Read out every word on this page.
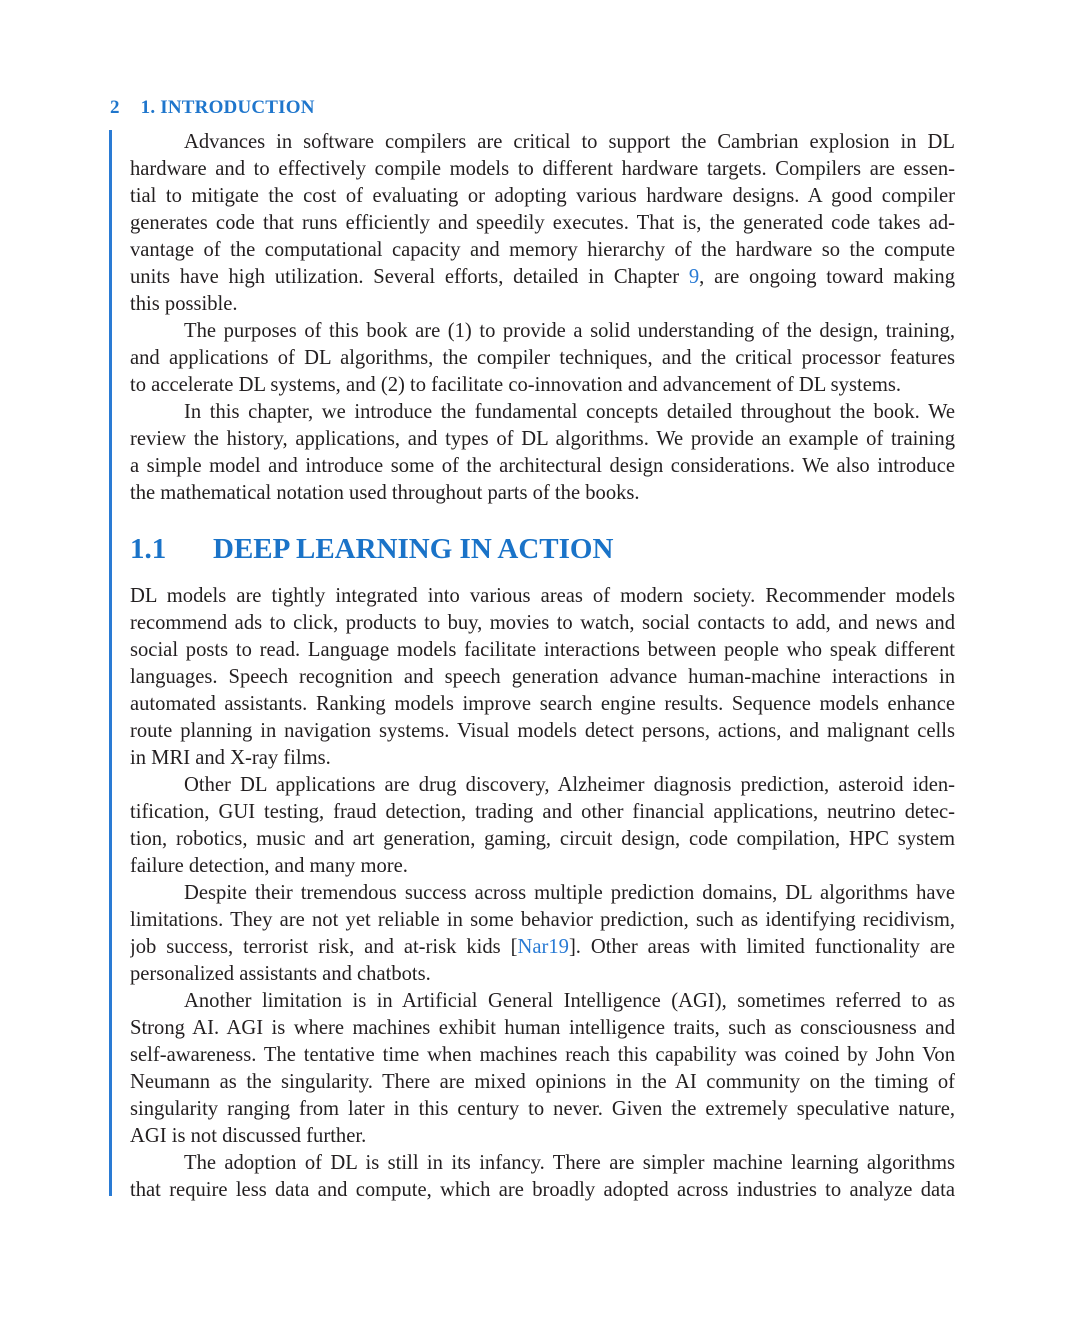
2 1. INTRODUCTION
Advances in software compilers are critical to support the Cambrian explosion in DL
hardware and to effectively compile models to different hardware targets. Compilers are essen-
tial to mitigate the cost of evaluating or adopting various hardware designs. A good compiler
generates code that runs efficiently and speedily executes. That is, the generated code takes ad-
vantage of the computational capacity and memory hierarchy of the hardware so the compute
units have high utilization. Several efforts, detailed in Chapter 9, are ongoing toward making
this possible.
The purposes of this book are (1) to provide a solid understanding of the design, training,
and applications of DL algorithms, the compiler techniques, and the critical processor features
to accelerate DL systems, and (2) to facilitate co-innovation and advancement of DL systems.
In this chapter, we introduce the fundamental concepts detailed throughout the book. We
review the history, applications, and types of DL algorithms. We provide an example of training
a simple model and introduce some of the architectural design considerations. We also introduce
the mathematical notation used throughout parts of the books.
1.1 DEEP LEARNING IN ACTION
DL models are tightly integrated into various areas of modern society. Recommender models
recommend ads to click, products to buy, movies to watch, social contacts to add, and news and
social posts to read. Language models facilitate interactions between people who speak different
languages. Speech recognition and speech generation advance human-machine interactions in
automated assistants. Ranking models improve search engine results. Sequence models enhance
route planning in navigation systems. Visual models detect persons, actions, and malignant cells
in MRI and X-ray films.
Other DL applications are drug discovery, Alzheimer diagnosis prediction, asteroid iden-
tification, GUI testing, fraud detection, trading and other financial applications, neutrino detec-
tion, robotics, music and art generation, gaming, circuit design, code compilation, HPC system
failure detection, and many more.
Despite their tremendous success across multiple prediction domains, DL algorithms have
limitations. They are not yet reliable in some behavior prediction, such as identifying recidivism,
job success, terrorist risk, and at-risk kids [Nar19]. Other areas with limited functionality are
personalized assistants and chatbots.
Another limitation is in Artificial General Intelligence (AGI), sometimes referred to as
Strong AI. AGI is where machines exhibit human intelligence traits, such as consciousness and
self-awareness. The tentative time when machines reach this capability was coined by John Von
Neumann as the singularity. There are mixed opinions in the AI community on the timing of
singularity ranging from later in this century to never. Given the extremely speculative nature,
AGI is not discussed further.
The adoption of DL is still in its infancy. There are simpler machine learning algorithms
that require less data and compute, which are broadly adopted across industries to analyze data
